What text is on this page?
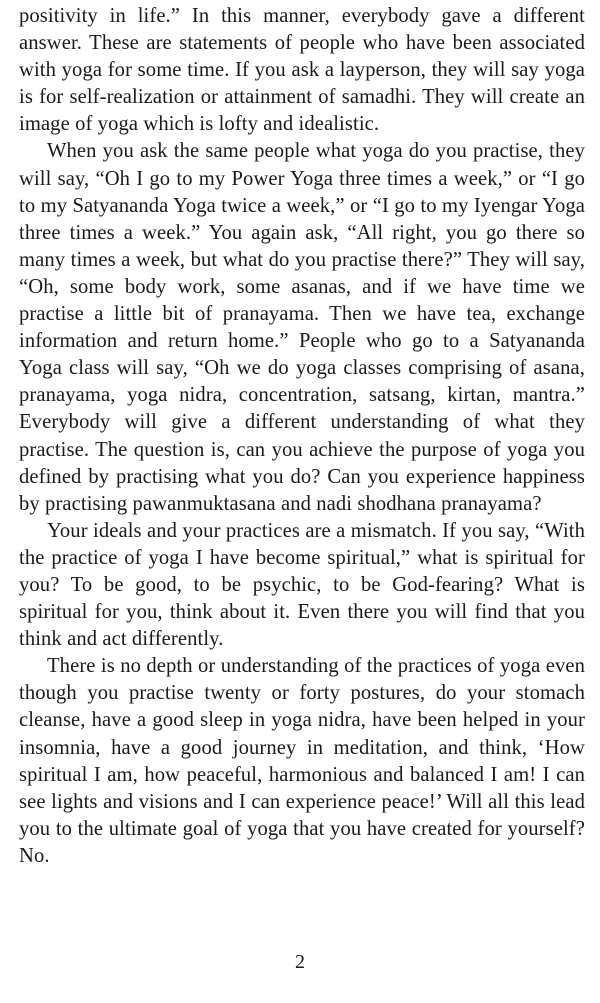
positivity in life.” In this manner, everybody gave a different answer. These are statements of people who have been associated with yoga for some time. If you ask a layperson, they will say yoga is for self-realization or attainment of samadhi. They will create an image of yoga which is lofty and idealistic.

When you ask the same people what yoga do you practise, they will say, “Oh I go to my Power Yoga three times a week,” or “I go to my Satyananda Yoga twice a week,” or “I go to my Iyengar Yoga three times a week.” You again ask, “All right, you go there so many times a week, but what do you practise there?” They will say, “Oh, some body work, some asanas, and if we have time we practise a little bit of pranayama. Then we have tea, exchange information and return home.” People who go to a Satyananda Yoga class will say, “Oh we do yoga classes comprising of asana, pranayama, yoga nidra, concentration, satsang, kirtan, mantra.” Everybody will give a different understanding of what they practise. The question is, can you achieve the purpose of yoga you defined by practising what you do? Can you experience happiness by practising pawanmuktasana and nadi shodhana pranayama?

Your ideals and your practices are a mismatch. If you say, “With the practice of yoga I have become spiritual,” what is spiritual for you? To be good, to be psychic, to be God-fearing? What is spiritual for you, think about it. Even there you will find that you think and act differently.

There is no depth or understanding of the practices of yoga even though you practise twenty or forty postures, do your stomach cleanse, have a good sleep in yoga nidra, have been helped in your insomnia, have a good journey in meditation, and think, ‘How spiritual I am, how peaceful, harmonious and balanced I am! I can see lights and visions and I can experience peace!’ Will all this lead you to the ultimate goal of yoga that you have created for yourself? No.

2
